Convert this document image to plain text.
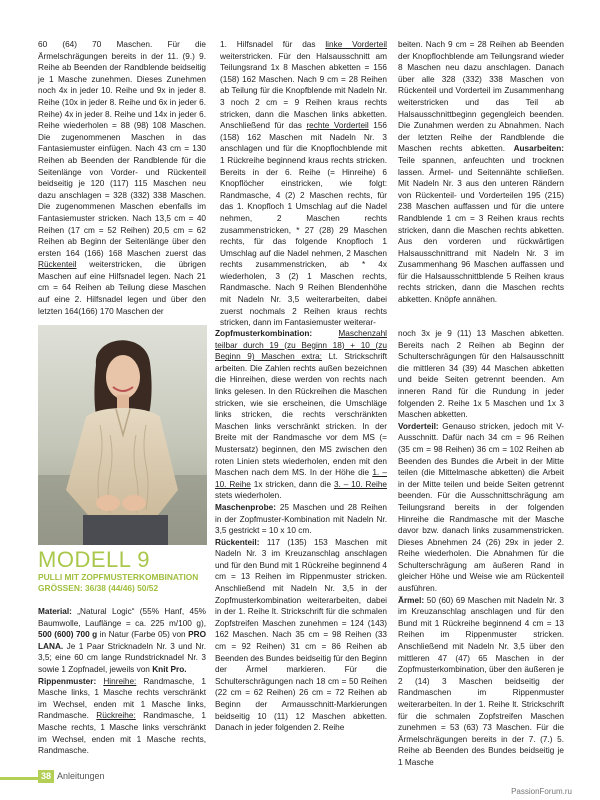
60 (64) 70 Maschen. Für die Ärmelschrägungen bereits in der 11. (9.) 9. Reihe ab Beenden der Randblende beidseitig je 1 Masche zunehmen. Dieses Zunehmen noch 4x in jeder 10. Reihe und 9x in jeder 8. Reihe (10x in jeder 8. Reihe und 6x in jeder 6. Reihe) 4x in jeder 8. Reihe und 14x in jeder 6. Reihe wiederholen = 88 (98) 108 Maschen. Die zugenommenen Maschen in das Fantasiemuster einfügen. Nach 43 cm = 130 Reihen ab Beenden der Randblende für die Seitenlänge von Vorder- und Rückenteil beidseitig je 120 (117) 115 Maschen neu dazu anschlagen = 328 (332) 338 Maschen. Die zugenommenen Maschen ebenfalls im Fantasiemuster stricken. Nach 13,5 cm = 40 Reihen (17 cm = 52 Reihen) 20,5 cm = 62 Reihen ab Beginn der Seitenlänge über den ersten 164 (166) 168 Maschen zuerst das Rückenteil weiterstricken, die übrigen Maschen auf eine Hilfsnadel legen. Nach 21 cm = 64 Reihen ab Teilung diese Maschen auf eine 2. Hilfsnadel legen und über den letzten 164(166) 170 Maschen der

1. Hilfsnadel für das linke Vorderteil weiterstricken. Für den Halsausschnitt am Teilungsrand 1x 8 Maschen abketten = 156 (158) 162 Maschen. Nach 9 cm = 28 Reihen ab Teilung für die Knopfblende mit Nadeln Nr. 3 noch 2 cm = 9 Reihen kraus rechts stricken, dann die Maschen links abketten. Anschließend für das rechte Vorderteil 156 (158) 162 Maschen mit Nadeln Nr. 3 anschlagen und für die Knopflochblende mit 1 Rückreihe beginnend kraus rechts stricken. Bereits in der 6. Reihe (= Hinreihe) 6 Knopflöcher einstricken, wie folgt: Randmasche, 4 (2) 2 Maschen rechts, für das 1. Knopfloch 1 Umschlag auf die Nadel nehmen, 2 Maschen rechts zusammenstricken, * 27 (28) 29 Maschen rechts, für das folgende Knopfloch 1 Umschlag auf die Nadel nehmen, 2 Maschen rechts zusammenstricken, ab * 4x wiederholen, 3 (2) 1 Maschen rechts, Randmasche. Nach 9 Reihen Blendenhöhe mit Nadeln Nr. 3,5 weiterarbeiten, dabei zuerst nochmals 2 Reihen kraus rechts stricken, dann im Fantasiemuster weiterar-

beiten. Nach 9 cm = 28 Reihen ab Beenden der Knopflochblende am Teilungsrand wieder 8 Maschen neu dazu anschlagen. Danach über alle 328 (332) 338 Maschen von Rückenteil und Vorderteil im Zusammenhang weiterstricken und das Teil ab Halsausschnittbeginn gegengleich beenden. Die Zunahmen werden zu Abnahmen. Nach der letzten Reihe der Randblende die Maschen rechts abketten. Ausarbeiten: Teile spannen, anfeuchten und trocknen lassen. Ärmel- und Seitennähte schließen. Mit Nadeln Nr. 3 aus den unteren Rändern von Rückenteil- und Vorderteilen 195 (215) 238 Maschen auffassen und für die untere Randblende 1 cm = 3 Reihen kraus rechts stricken, dann die Maschen rechts abketten. Aus den vorderen und rückwärtigen Halsausschnittrand mit Nadeln Nr. 3 im Zusammenhang 96 Maschen auffassen und für die Halsausschnittblende 5 Reihen kraus rechts stricken, dann die Maschen rechts abketten. Knöpfe annähen.

MODELL 9

PULLI MIT ZOPFMUSTERKOMBINATION

GRÖSSEN: 36/38 (44/46) 50/52

Material: „Natural Logic“ (55% Hanf, 45% Baumwolle, Lauflänge = ca. 225 m/100 g), 500 (600) 700 g in Natur (Farbe 05) von PRO LANA. Je 1 Paar Stricknadeln Nr. 3 und Nr. 3,5; eine 60 cm lange Rundstricknadel Nr. 3 sowie 1 Zopfnadel, jeweils von Knit Pro.

Rippenmuster: Hinreihe: Randmasche, 1 Masche links, 1 Masche rechts verschränkt im Wechsel, enden mit 1 Masche links, Randmasche. Rückreihe: Randmasche, 1 Masche rechts, 1 Masche links verschränkt im Wechsel, enden mit 1 Masche rechts, Randmasche.

Zopfmusterkombination:	Maschenzahl teilbar durch 19 (zu Beginn 18) + 10 (zu Beginn 9) Maschen extra: Lt. Strickschrift arbeiten. Die Zahlen rechts außen bezeichnen die Hinreihen, diese werden von rechts nach links gelesen. In den Rückreihen die Maschen stricken, wie sie erscheinen, die Umschläge links stricken, die rechts verschränkten Maschen links verschränkt stricken. In der Breite mit der Randmasche vor dem MS (= Mustersatz) beginnen, den MS zwischen den roten Linien stets wiederholen, enden mit den Maschen nach dem MS. In der Höhe die 1. – 10. Reihe 1x stricken, dann die 3. – 10. Reihe stets wiederholen.

Maschenprobe: 25 Maschen und 28 Reihen in der Zopfmuster-Kombination mit Nadeln Nr. 3,5 gestrickt = 10 x 10 cm.

Rückenteil: 117 (135) 153 Maschen mit Nadeln Nr. 3 im Kreuzanschlag anschlagen und für den Bund mit 1 Rückreihe beginnend 4 cm = 13 Reihen im Rippenmuster stricken. Anschließend mit Nadeln Nr. 3,5 in der Zopfmusterkombination weiterarbeiten, dabei in der 1. Reihe lt. Strickschrift für die schmalen Zopfstreifen Maschen zunehmen = 124 (143) 162 Maschen. Nach 35 cm = 98 Reihen (33 cm = 92 Reihen) 31 cm = 86 Reihen ab Beenden des Bundes beidseitig für den Beginn der Ärmel markieren. Für die Schulterschrägungen nach 18 cm = 50 Reihen (22 cm = 62 Reihen) 26 cm = 72 Reihen ab Beginn der Armausschnitt-Markierungen beidseitig 10 (11) 12 Maschen abketten. Danach in jeder folgenden 2. Reihe

noch 3x je 9 (11) 13 Maschen abketten. Bereits nach 2 Reihen ab Beginn der Schulterschrägungen für den Halsausschnitt die mittleren 34 (39) 44 Maschen abketten und beide Seiten getrennt beenden. Am inneren Rand für die Rundung in jeder folgenden 2. Reihe 1x 5 Maschen und 1x 3 Maschen abketten.

Vorderteil: Genauso stricken, jedoch mit V-Ausschnitt. Dafür nach 34 cm = 96 Reihen (35 cm = 98 Reihen) 36 cm = 102 Reihen ab Beenden des Bundes die Arbeit in der Mitte teilen (die Mittelmasche abketten) die Arbeit in der Mitte teilen und beide Seiten getrennt beenden. Für die Ausschnittschrägung am Teilungsrand bereits in der folgenden Hinreihe die Randmasche mit der Masche davor bzw. danach links zusammenstricken. Dieses Abnehmen 24 (26) 29x in jeder 2. Reihe wiederholen. Die Abnahmen für die Schulterschrägung am äußeren Rand in gleicher Höhe und Weise wie am Rückenteil ausführen.

Ärmel: 50 (60) 69 Maschen mit Nadeln Nr. 3 im Kreuzanschlag anschlagen und für den Bund mit 1 Rückreihe beginnend 4 cm = 13 Reihen im Rippenmuster stricken. Anschließend mit Nadeln Nr. 3,5 über den mittleren 47 (47) 65 Maschen in der Zopfmusterkombination, über den äußeren je 2 (14) 3 Maschen beidseitig der Randmaschen im Rippenmuster weiterarbeiten. In der 1. Reihe lt. Strickschrift für die schmalen Zopfstreifen Maschen zunehmen = 53 (63) 73 Maschen. Für die Ärmelschrägungen bereits in der 7. (7.) 5. Reihe ab Beenden des Bundes beidseitig je 1 Masche

38 Anleitungen
PassionForum.ru
